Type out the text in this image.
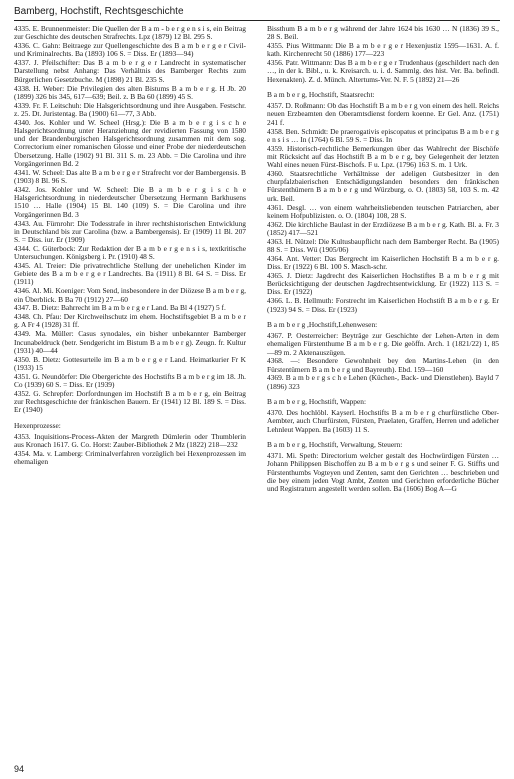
Bamberg, Hochstift, Rechtsgeschichte

4335. E. Brunnenmeister: Die Quellen der B a m - b e r g e n s i s, ein Beitrag zur Geschichte des deutschen Strafrechts. Lpz (1879) 12 Bl. 295 S.

4336. C. Gahn: Beitraege zur Quellengeschichte des B a m b e r g e r Civil- und Kriminalrechts. Ba (1893) 106 S. = Diss. Er (1893—94)

4337. J. Pfeilschifter: Das B a m b e r g e r Landrecht in systematischer Darstellung nebst Anhang: Das Verhältnis des Bamberger Rechts zum Bürgerlichen Gesetzbuche. M (1898) 21 Bl. 235 S.

4338. H. Weber: Die Privilegien des alten Bistums B a m b e r g. H Jb. 20 (1899) 326 bis 345, 617—639; Beil. z. B Ba 60 (1899) 45 S.

4339. Fr. F. Leitschuh: Die Halsgerichtsordnung und ihre Ausgaben. Festschr. z. 25. Dt. Juristentag. Ba (1900) 61—77, 3 Abb.

4340. Jos. Kohler und W. Scheel (Hrsg.): Die B a m b e r g i s c h e Halsgerichtsordnung unter Heranziehung der revidierten Fassung von 1580 und der Brandenburgischen Halsgerichtsordnung zusammen mit dem sog. Correctorium einer romanischen Glosse und einer Probe der niederdeutschen Übersetzung. Halle (1902) 91 Bl. 311 S. m. 23 Abb. = Die Carolina und ihre Vorgängerinnen Bd. 2

4341. W. Scheel: Das alte B a m b e r g e r Strafrecht vor der Bambergensis. B (1903) 8 Bl. 96 S.

4342. Jos. Kohler und W. Scheel: Die B a m b e r g i s c h e Halsgerichtsordnung in niederdeutscher Übersetzung Hermann Barkhusens 1510 … Halle (1904) 15 Bl. 140 (109) S. = Die Carolina und ihre Vorgängerinnen Bd. 3

4343. Au. Fürnrohr: Die Todesstrafe in ihrer rechtshistorischen Entwicklung in Deutschland bis zur Carolina (bzw. a Bambergensis). Er (1909) 11 Bl. 207 S. = Diss. iur. Er (1909)

4344. C. Güterbock: Zur Redaktion der B a m b e r g e n s i s, textkritische Untersuchungen. Königsberg i. Pr. (1910) 48 S.

4345. Al. Treier: Die privatrechtliche Stellung der unehelichen Kinder im Gebiete des B a m b e r g e r Landrechts. Ba (1911) 8 Bl. 64 S. = Diss. Er (1911)

4346. Al. Mi. Koeniger: Vom Send, insbesondere in der Diözese B a m b e r g, ein Überblick. B Ba 70 (1912) 27—60

4347. B. Dietz: Bahrrecht im B a m b e r g e r Land. Ba Bl 4 (1927) 5 f.

4348. Ch. Pfau: Der Kirchweihschutz im ehem. Hochstiftsgebiet B a m b e r g. A Fr 4 (1928) 31 ff.

4349. Ma. Müller: Casus synodales, ein bisher unbekannter Bamberger Incunabeldruck (betr. Sendgericht im Bistum B a m b e r g). Zeugn. fr. Kultur (1931) 40—44

4350. B. Dietz: Gottesurteile im B a m b e r g e r Land. Heimatkurier Fr K (1933) 15

4351. G. Neundörfer: Die Obergerichte des Hochstifts B a m b e r g im 18. Jh. Co (1939) 60 S. = Diss. Er (1939)

4352. G. Schrepfer: Dorfordnungen im Hochstift B a m b e r g, ein Beitrag zur Rechtsgeschichte der fränkischen Bauern. Er (1941) 12 Bl. 189 S. = Diss. Er (1940)

Hexenprozesse:

4353. Inquisitions-Process-Akten der Margreth Dümlerin oder Thumblerin aus Kronach 1617. G. Co. Horst: Zauber-Bibliothek 2 Mz (1822) 218—232

4354. Ma. v. Lamberg: Criminalverfahren vorzüglich bei Hexenprozessen im ehemaligen

Bissthum B a m b e r g während der Jahre 1624 bis 1630 … N (1836) 39 S., 28 S. Beil.

4355. Pius Wittmann: Die B a m b e r g e r Hexenjustiz 1595—1631. A. f. kath. Kirchenrecht 50 (1886) 177—223

4356. Patr. Wittmann: Das B a m b e r g e r Trudenhaus (geschildert nach den …, in der k. Bibl., u. k. Kreisarch. u. i. d. Sammlg. des hist. Ver. Ba. befindl. Hexenakten). Z. d. Münch. Altertums-Ver. N. F. 5 (1892) 21—26

B a m b e r g, Hochstift, Staatsrecht:

4357. D. Roßmann: Ob das Hochstift B a m b e r g von einem des hell. Reichs neuen Erzbeamten den Oberamtsdienst fordern koenne. Er Gel. Anz. (1751) 241 f.

4358. Ben. Schmidt: De praerogativis episcopatus et principatus B a m b e r g e n s i s … In (1764) 6 Bl. 59 S. = Diss. In

4359. Historisch-rechtliche Bemerkungen über das Wahlrecht der Bischöfe mit Rücksicht auf das Hochstift B a m b e r g, bey Gelegenheit der letzten Wahl eines neuen Fürst-Bischofs. F u. Lpz. (1796) 163 S. m. 1 Urk.

4360. Staatsrechtliche Verhältnisse der adeligen Gutsbesitzer in den churpfalzbaierischen Entschädigungslanden besonders den fränkischen Fürstenthümern B a m b e r g und Würzburg, o. O. (1803) 58, 103 S. m. 42 urk. Beil.

4361. Desgl. … von einem wahrheitsliebenden teutschen Patriarchen, aber keinem Hofpublizisten. o. O. (1804) 108, 28 S.

4362. Die kirchliche Baulast in der Erzdiözese B a m b e r g. Kath. Bl. a. Fr. 3 (1852) 417—521

4363. H. Nützel: Die Kultusbaupflicht nach dem Bamberger Recht. Ba (1905) 88 S. = Diss. Wü (1905/06)

4364. Ant. Vetter: Das Bergrecht im Kaiserlichen Hochstift B a m b e r g. Diss. Er (1922) 6 Bl. 100 S. Masch-schr.

4365. J. Dietz: Jagdrecht des Kaiserlichen Hochstiftes B a m b e r g mit Berücksichtigung der deutschen Jagdrechtsentwicklung. Er (1922) 113 S. = Diss. Er (1922)

4366. L. B. Hellmuth: Forstrecht im Kaiserlichen Hochstift B a m b e r g. Er (1923) 94 S. = Diss. Er (1923)

B a m b e r g ,Hochstift,Lehenwesen:

4367. P. Oesterreicher: Beyträge zur Geschichte der Lehen-Arten in dem ehemaligen Fürstenthume B a m b e r g. Die geöffn. Arch. 1 (1821/22) 1, 85—89 m. 2 Aktenauszügen.

4368. —: Besondere Gewohnheit bey den Martins-Lehen (in den Fürstentümern B a m b e r g und Bayreuth). Ebd. 159—160

4369. B a m b e r g s c h e Lehen (Küchen-, Back- und Dienstlehen). Bayld 7 (1896) 323

B a m b e r g, Hochstift, Wappen:

4370. Des hochlöbl. Kayserl. Hochstifts B a m b e r g churfürstliche Ober-Aembter, auch Churfürsten, Fürsten, Praelaten, Graffen, Herren und adelicher Lehnleut Wappen. Ba (1603) 11 S.

B a m b e r g, Hochstift, Verwaltung, Steuern:

4371. Mi. Speth: Directorium welcher gestalt des Hochwürdigen Fürsten … Johann Philippsen Bischoffen zu B a m b e r g s und seiner F. G. Stiffts und Fürstenthumbs Vogteyen und Zenten, samt den Gerichten … beschrieben und die bey einem jeden Vogt Ambt, Zenten und Gerichten erforderliche Bücher und Registraturn angestellt werden sollen. Ba (1606) Bog A—G

94
